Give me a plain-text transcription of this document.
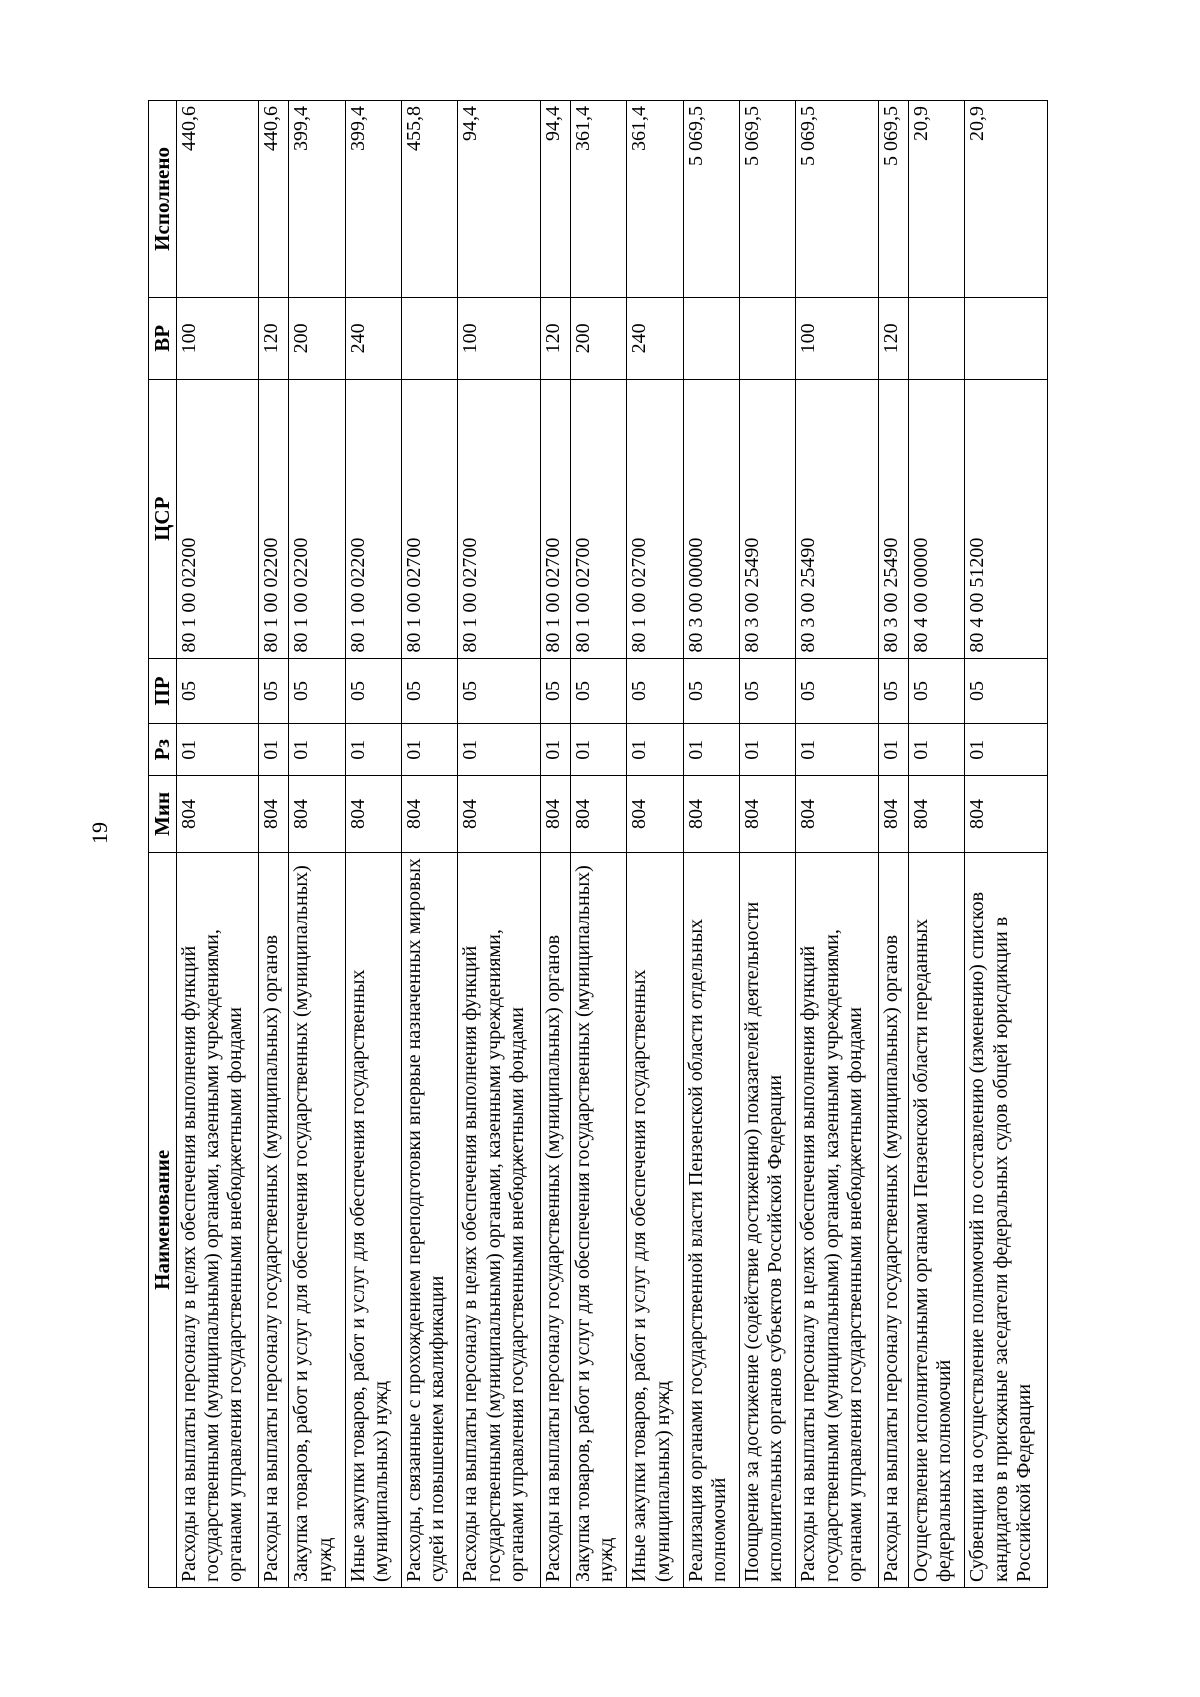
19
Наименование	Мин	Рз	ПР	ЦСР	ВР	Исполнено
Расходы на выплаты персоналу в целях обеспечения выполнения функций государственными (муниципальными) органами, казенными учреждениями, органами управления государственными внебюджетными фондами	804	01	05	80 1 00 02200	100	440,6
Расходы на выплаты персоналу государственных (муниципальных) органов	804	01	05	80 1 00 02200	120	440,6
Закупка товаров, работ и услуг для обеспечения государственных (муниципальных) нужд	804	01	05	80 1 00 02200	200	399,4
Иные закупки товаров, работ и услуг для обеспечения государственных (муниципальных) нужд	804	01	05	80 1 00 02200	240	399,4
Расходы, связанные с прохождением переподготовки впервые назначенных мировых судей и повышением квалификации	804	01	05	80 1 00 02700		455,8
Расходы на выплаты персоналу в целях обеспечения выполнения функций государственными (муниципальными) органами, казенными учреждениями, органами управления государственными внебюджетными фондами	804	01	05	80 1 00 02700	100	94,4
Расходы на выплаты персоналу государственных (муниципальных) органов	804	01	05	80 1 00 02700	120	94,4
Закупка товаров, работ и услуг для обеспечения государственных (муниципальных) нужд	804	01	05	80 1 00 02700	200	361,4
Иные закупки товаров, работ и услуг для обеспечения государственных (муниципальных) нужд	804	01	05	80 1 00 02700	240	361,4
Реализация органами государственной власти Пензенской области отдельных полномочий	804	01	05	80 3 00 00000		5 069,5
Поощрение за достижение (содействие достижению) показателей деятельности исполнительных органов субъектов Российской Федерации	804	01	05	80 3 00 25490		5 069,5
Расходы на выплаты персоналу в целях обеспечения выполнения функций государственными (муниципальными) органами, казенными учреждениями, органами управления государственными внебюджетными фондами	804	01	05	80 3 00 25490	100	5 069,5
Расходы на выплаты персоналу государственных (муниципальных) органов	804	01	05	80 3 00 25490	120	5 069,5
Осуществление исполнительными органами Пензенской области переданных федеральных полномочий	804	01	05	80 4 00 00000		20,9
Субвенции на осуществление полномочий по составлению (изменению) списков кандидатов в присяжные заседатели федеральных судов общей юрисдикции в Российской Федерации	804	01	05	80 4 00 51200		20,9
